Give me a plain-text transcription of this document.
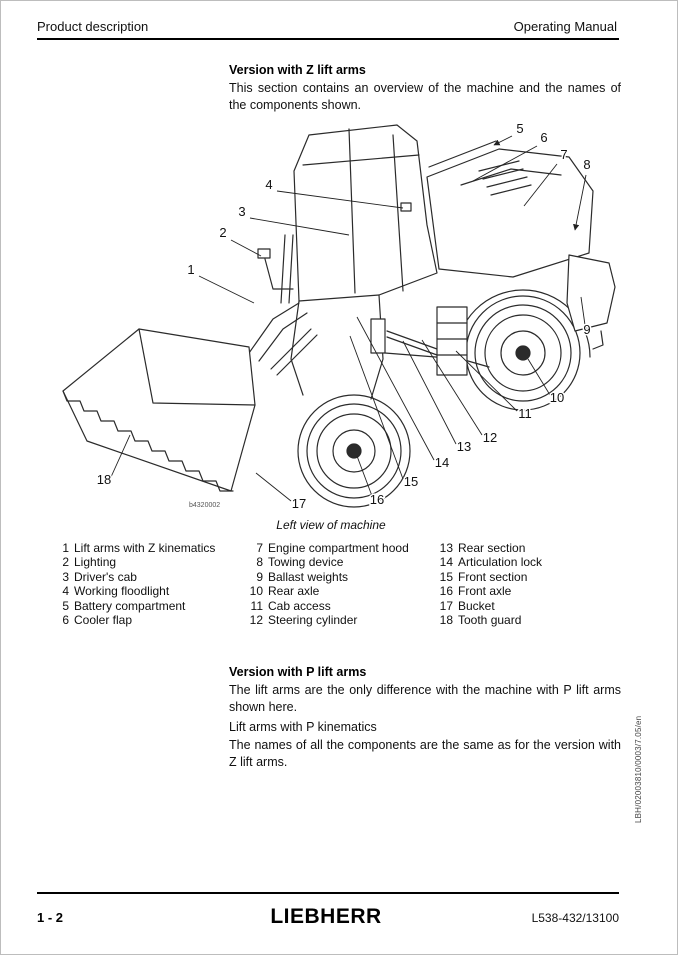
Product description	Operating Manual
Version with Z lift arms
This section contains an overview of the machine and the names of the components shown.
1
2
3
4
5
6
7
8
9
10
11
12
13
14
15
16
17
18
b4320002
Left view of machine
1 Lift arms with Z kinematics
2 Lighting
3 Driver's cab
4 Working floodlight
5 Battery compartment
6 Cooler flap
7 Engine compartment hood
8 Towing device
9 Ballast weights
10 Rear axle
11 Cab access
12 Steering cylinder
13 Rear section
14 Articulation lock
15 Front section
16 Front axle
17 Bucket
18 Tooth guard
Version with P lift arms
The lift arms are the only difference with the machine with P lift arms shown here.
Lift arms with P kinematics
The names of all the components are the same as for the version with Z lift arms.	LBH/02003810/0003/7.05/en
1 - 2	LIEBHERR	L538-432/13100
